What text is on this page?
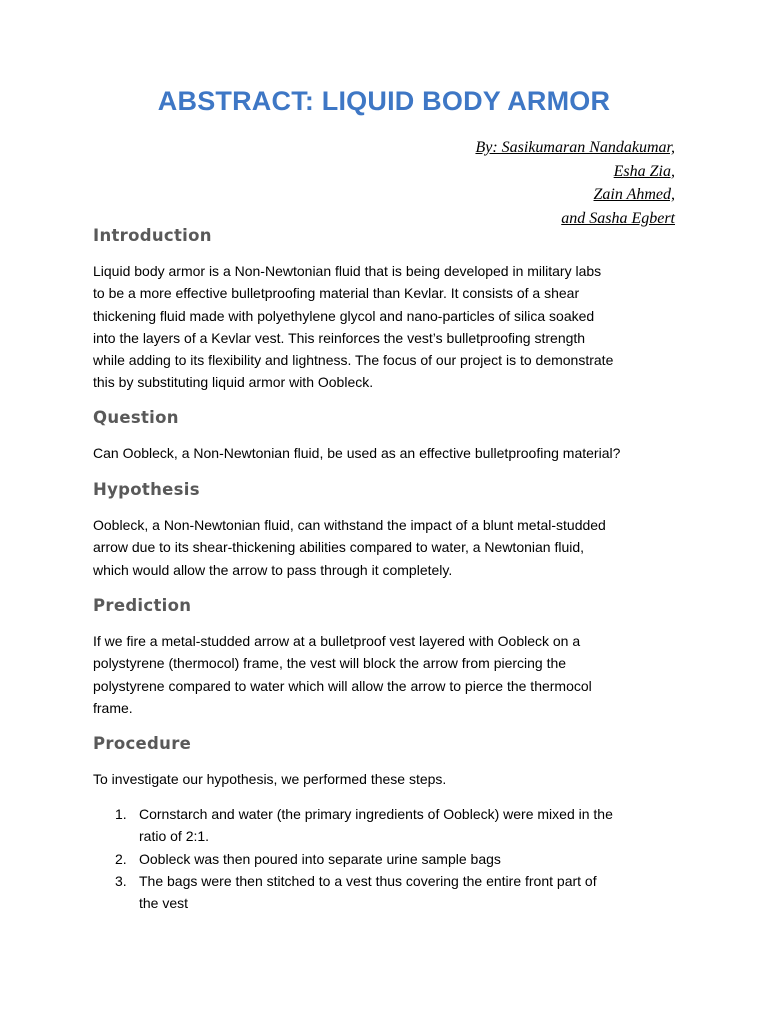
ABSTRACT: LIQUID BODY ARMOR
By: Sasikumaran Nandakumar,
Esha Zia,
Zain Ahmed,
and Sasha Egbert
Introduction
Liquid body armor is a Non-Newtonian fluid that is being developed in military labs
to be a more effective bulletproofing material than Kevlar. It consists of a shear
thickening fluid made with polyethylene glycol and nano-particles of silica soaked
into the layers of a Kevlar vest. This reinforces the vest’s bulletproofing strength
while adding to its flexibility and lightness. The focus of our project is to demonstrate
this by substituting liquid armor with Oobleck.
Question
Can Oobleck, a Non-Newtonian fluid, be used as an effective bulletproofing material?
Hypothesis
Oobleck, a Non-Newtonian fluid, can withstand the impact of a blunt metal-studded
arrow due to its shear-thickening abilities compared to water, a Newtonian fluid,
which would allow the arrow to pass through it completely.
Prediction
If we fire a metal-studded arrow at a bulletproof vest layered with Oobleck on a
polystyrene (thermocol) frame, the vest will block the arrow from piercing the
polystyrene compared to water which will allow the arrow to pierce the thermocol
frame.
Procedure
To investigate our hypothesis, we performed these steps.
1. Cornstarch and water (the primary ingredients of Oobleck) were mixed in the
ratio of 2:1.
2. Oobleck was then poured into separate urine sample bags
3. The bags were then stitched to a vest thus covering the entire front part of
the vest
